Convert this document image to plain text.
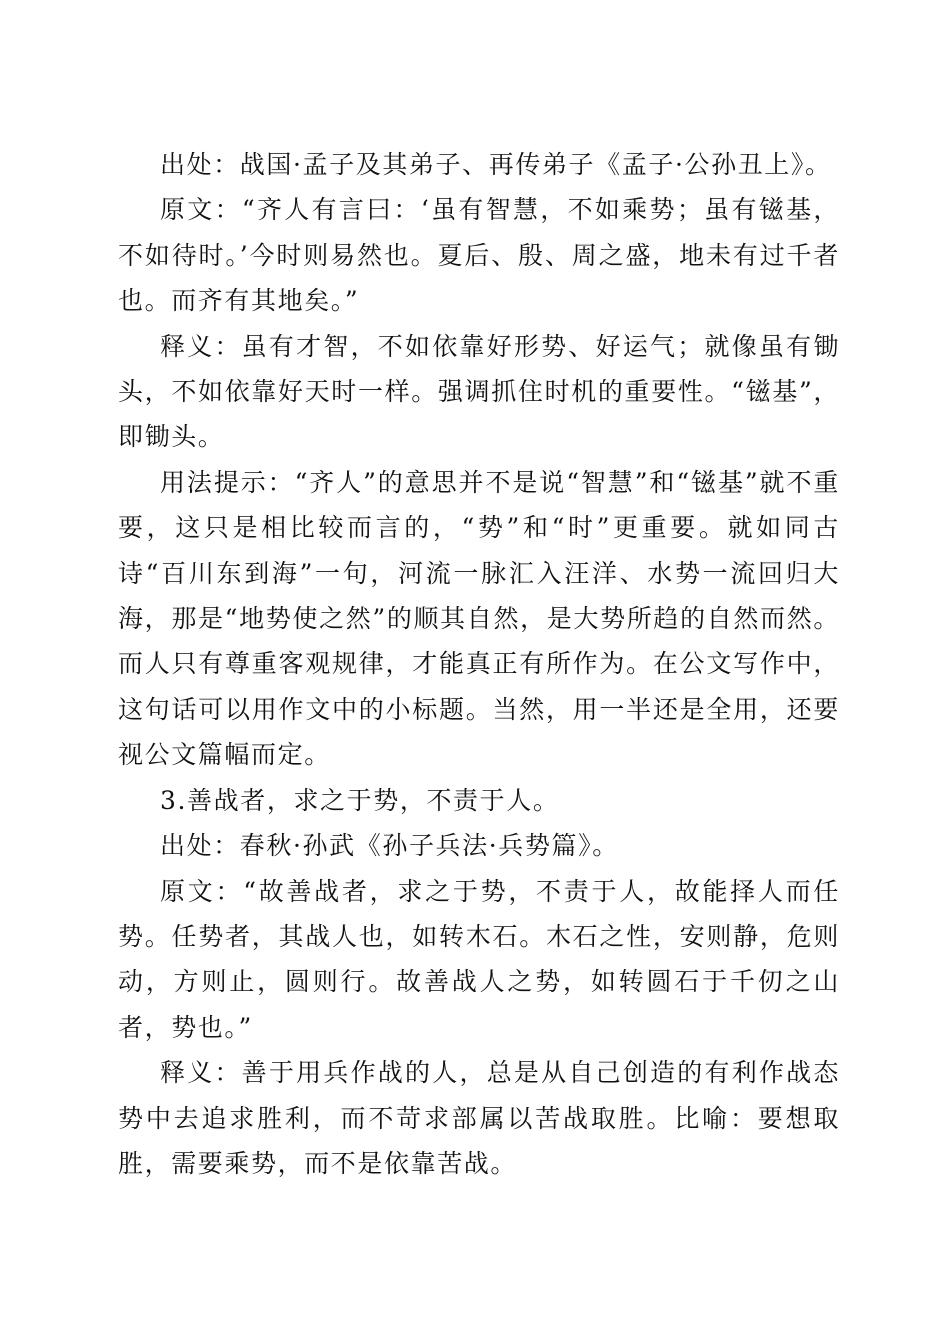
出处：战国·孟子及其弟子、再传弟子《孟子·公孙丑上》。

原文：“齐人有言曰：‘虽有智慧，不如乘势；虽有镃基，不如待时。’今时则易然也。夏后、殷、周之盛，地未有过千者也。而齐有其地矣。”

释义：虽有才智，不如依靠好形势、好运气；就像虽有锄头，不如依靠好天时一样。强调抓住时机的重要性。“镃基”，即锄头。

用法提示：“齐人”的意思并不是说“智慧”和“镃基”就不重要，这只是相比较而言的，“势”和“时”更重要。就如同古诗“百川东到海”一句，河流一脉汇入汪洋、水势一流回归大海，那是“地势使之然”的顺其自然，是大势所趋的自然而然。而人只有尊重客观规律，才能真正有所作为。在公文写作中，这句话可以用作文中的小标题。当然，用一半还是全用，还要视公文篇幅而定。

3.善战者，求之于势，不责于人。

出处：春秋·孙武《孙子兵法·兵势篇》。

原文：“故善战者，求之于势，不责于人，故能择人而任势。任势者，其战人也，如转木石。木石之性，安则静，危则动，方则止，圆则行。故善战人之势，如转圆石于千仞之山者，势也。”

释义：善于用兵作战的人，总是从自己创造的有利作战态势中去追求胜利，而不苛求部属以苦战取胜。比喻：要想取胜，需要乘势，而不是依靠苦战。
